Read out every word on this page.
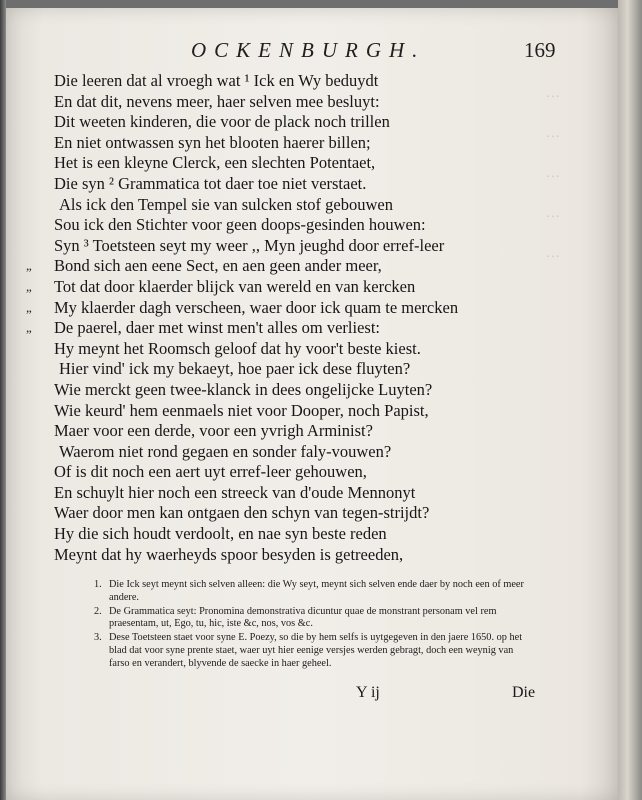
…
…
…
…
…
OCKENBURGH.	169
Die leeren dat al vroegh wat ¹ Ick en Wy beduydt
En dat dit, nevens meer, haer selven mee besluyt:
Dit weeten kinderen, die voor de plack noch trillen
En niet ontwassen syn het blooten haerer billen;
Het is een kleyne Clerck, een slechten Potentaet,
Die syn ² Grammatica tot daer toe niet verstaet.
Als ick den Tempel sie van sulcken stof gebouwen
Sou ick den Stichter voor geen doops-gesinden houwen:
Syn ³ Toetsteen seyt my weer ,, Myn jeughd door erref-leer
„ Bond sich aen eene Sect, en aen geen ander meer,
„ Tot dat door klaerder blijck van wereld en van kercken
„ My klaerder dagh verscheen, waer door ick quam te mercken
„ De paerel, daer met winst men't alles om verliest:
Hy meynt het Roomsch geloof dat hy voor't beste kiest.
Hier vind' ick my bekaeyt, hoe paer ick dese fluyten?
Wie merckt geen twee-klanck in dees ongelijcke Luyten?
Wie keurd' hem eenmaels niet voor Dooper, noch Papist,
Maer voor een derde, voor een yvrigh Arminist?
Waerom niet rond gegaen en sonder faly-vouwen?
Of is dit noch een aert uyt erref-leer gehouwen,
En schuylt hier noch een streeck van d'oude Mennonyt
Waer door men kan ontgaen den schyn van tegen-strijdt?
Hy die sich houdt verdoolt, en nae syn beste reden
Meynt dat hy waerheyds spoor besyden is getreeden,
1. Die Ick seyt meynt sich selven alleen: die Wy seyt, meynt sich selven ende daer by noch een of meer andere.
2. De Grammatica seyt: Pronomina demonstrativa dicuntur quae de monstrant personam vel rem praesentam, ut, Ego, tu, hic, iste &c, nos, vos &c.
3. Dese Toetsteen staet voor syne E. Poezy, so die by hem selfs is uytgegeven in den jaere 1650. op het blad dat voor syne prente staet, waer uyt hier eenige versjes werden gebragt, doch een weynig van farso en verandert, blyvende de saecke in haer geheel.
Y ij	Die
